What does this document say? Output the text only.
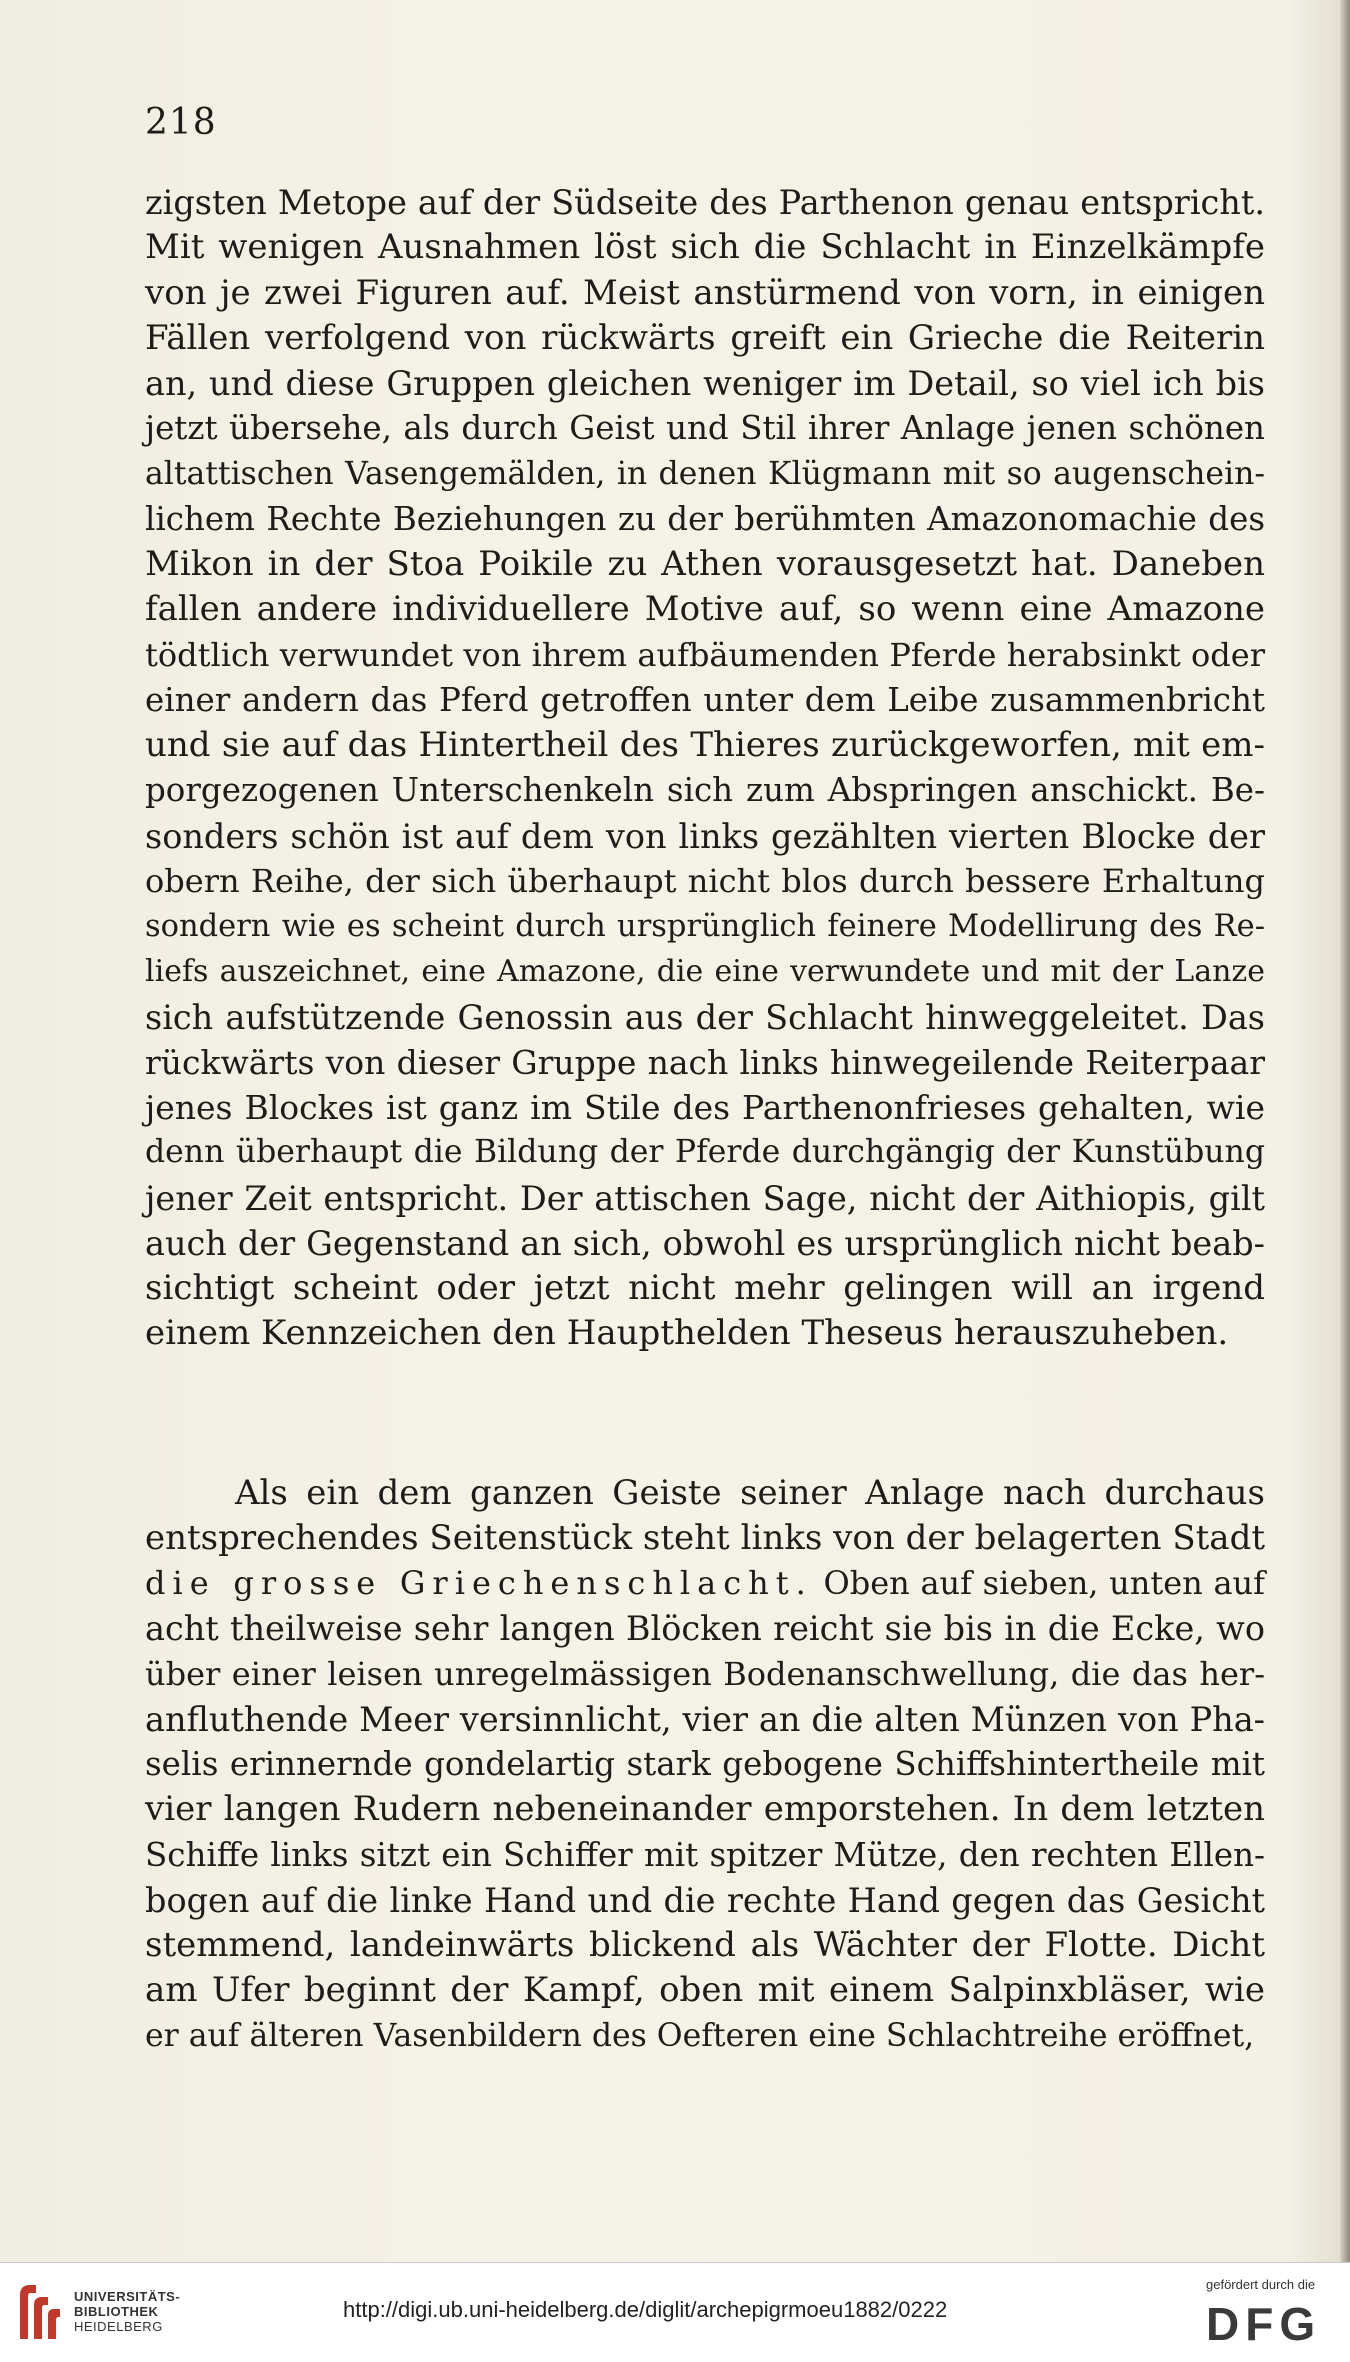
218
zigsten Metope auf der Südseite des Parthenon genau entspricht.
Mit wenigen Ausnahmen löst sich die Schlacht in Einzelkämpfe
von je zwei Figuren auf. Meist anstürmend von vorn, in einigen
Fällen verfolgend von rückwärts greift ein Grieche die Reiterin
an, und diese Gruppen gleichen weniger im Detail, so viel ich bis
jetzt übersehe, als durch Geist und Stil ihrer Anlage jenen schönen
altattischen Vasengemälden, in denen Klügmann mit so augenschein-
lichem Rechte Beziehungen zu der berühmten Amazonomachie des
Mikon in der Stoa Poikile zu Athen vorausgesetzt hat. Daneben
fallen andere individuellere Motive auf, so wenn eine Amazone
tödtlich verwundet von ihrem aufbäumenden Pferde herabsinkt oder
einer andern das Pferd getroffen unter dem Leibe zusammenbricht
und sie auf das Hintertheil des Thieres zurückgeworfen, mit em-
porgezogenen Unterschenkeln sich zum Abspringen anschickt. Be-
sonders schön ist auf dem von links gezählten vierten Blocke der
obern Reihe, der sich überhaupt nicht blos durch bessere Erhaltung
sondern wie es scheint durch ursprünglich feinere Modellirung des Re-
liefs auszeichnet, eine Amazone, die eine verwundete und mit der Lanze
sich aufstützende Genossin aus der Schlacht hinweggeleitet. Das
rückwärts von dieser Gruppe nach links hinwegeilende Reiterpaar
jenes Blockes ist ganz im Stile des Parthenonfrieses gehalten, wie
denn überhaupt die Bildung der Pferde durchgängig der Kunstübung
jener Zeit entspricht. Der attischen Sage, nicht der Aithiopis, gilt
auch der Gegenstand an sich, obwohl es ursprünglich nicht beab-
sichtigt scheint oder jetzt nicht mehr gelingen will an irgend
einem Kennzeichen den Haupthelden Theseus herauszuheben.
Als ein dem ganzen Geiste seiner Anlage nach durchaus
entsprechendes Seitenstück steht links von der belagerten Stadt
die grosse Griechenschlacht. Oben auf sieben, unten auf
acht theilweise sehr langen Blöcken reicht sie bis in die Ecke, wo
über einer leisen unregelmässigen Bodenanschwellung, die das her-
anfluthende Meer versinnlicht, vier an die alten Münzen von Pha-
selis erinnernde gondelartig stark gebogene Schiffshintertheile mit
vier langen Rudern nebeneinander emporstehen. In dem letzten
Schiffe links sitzt ein Schiffer mit spitzer Mütze, den rechten Ellen-
bogen auf die linke Hand und die rechte Hand gegen das Gesicht
stemmend, landeinwärts blickend als Wächter der Flotte. Dicht
am Ufer beginnt der Kampf, oben mit einem Salpinxbläser, wie
er auf älteren Vasenbildern des Oefteren eine Schlachtreihe eröffnet,
UNIVERSITÄTS-
BIBLIOTHEK
HEIDELBERG
http://digi.ub.uni-heidelberg.de/diglit/archepigrmoeu1882/0222
gefördert durch die
DFG
